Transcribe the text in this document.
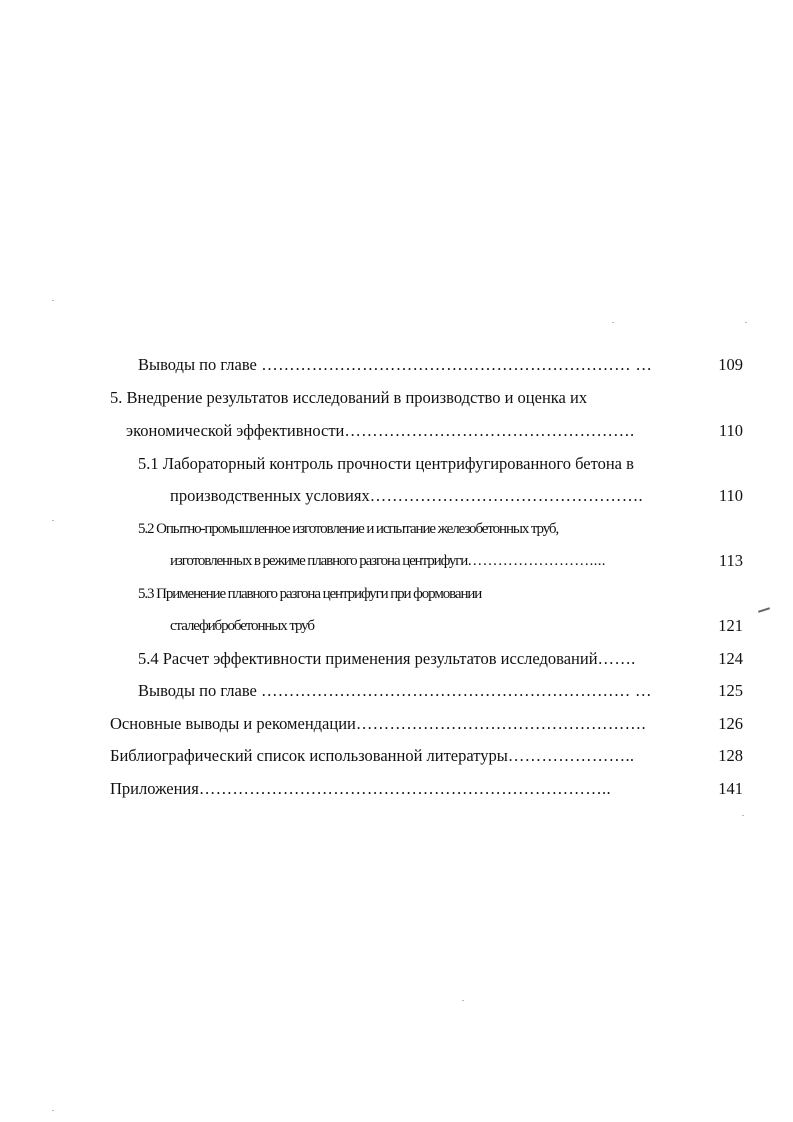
Выводы по главе ………………………………………………………… …	109
5. Внедрение результатов исследований в производство и оценка их
экономической эффективности…………………………………………….	110
5.1 Лабораторный контроль прочности центрифугированного бетона в
производственных условиях………………………………………….	110
5.2 Опытно-промышленное изготовление и испытание железобетонных труб,
изготовленных в режиме плавного разгона центрифуги……………………....	113
5.3 Применение плавного разгона центрифуги при формовании
сталефибробетонных труб	121
5.4 Расчет эффективности применения результатов исследований…….	124
Выводы по главе ………………………………………………………… …	125
Основные выводы и рекомендации…………………………………………….	126
Библиографический список использованной литературы…………………..	128
Приложения………………………………………………………………..	141
